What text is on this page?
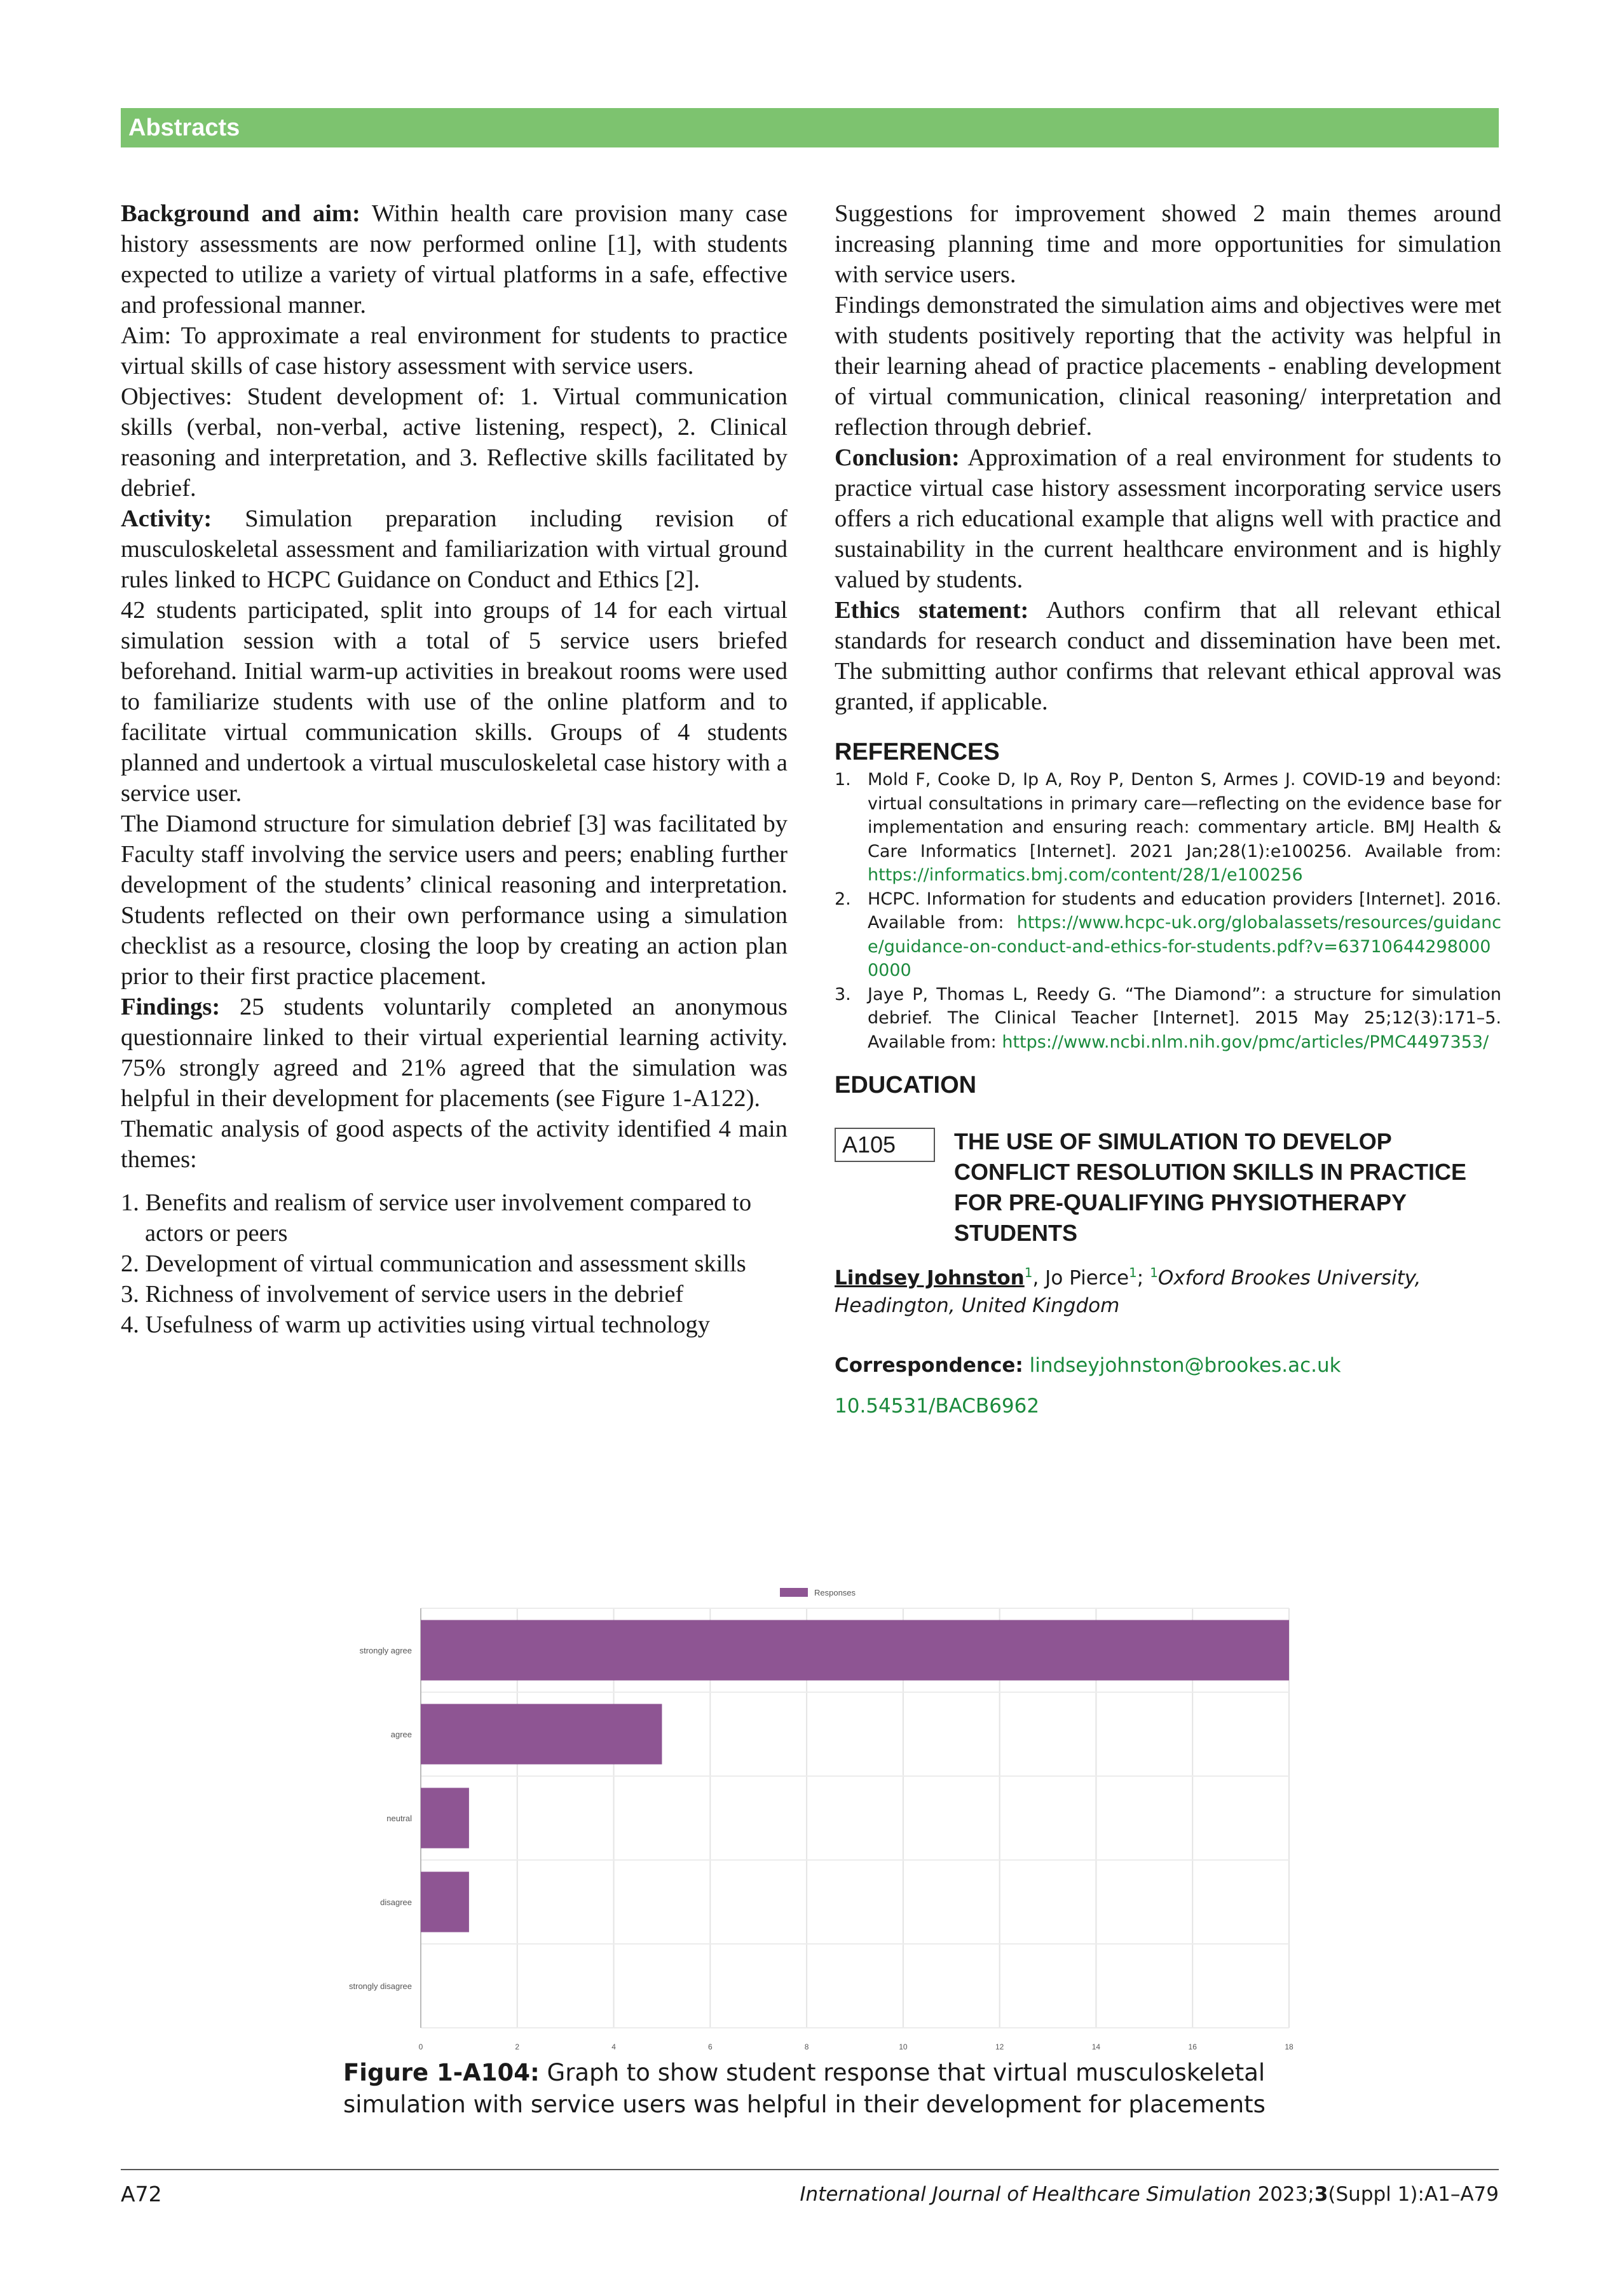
Abstracts

Background and aim: Within health care provision many case history assessments are now performed online [1], with students expected to utilize a variety of virtual platforms in a safe, effective and professional manner.

Aim: To approximate a real environment for students to practice virtual skills of case history assessment with service users.

Objectives: Student development of: 1. Virtual communication skills (verbal, non-verbal, active listening, respect), 2. Clinical reasoning and interpretation, and 3. Reflective skills facilitated by debrief.

Activity: Simulation preparation including revision of musculoskeletal assessment and familiarization with virtual ground rules linked to HCPC Guidance on Conduct and Ethics [2].

42 students participated, split into groups of 14 for each virtual simulation session with a total of 5 service users briefed beforehand. Initial warm-up activities in breakout rooms were used to familiarize students with use of the online platform and to facilitate virtual communication skills. Groups of 4 students planned and undertook a virtual musculoskeletal case history with a service user.

The Diamond structure for simulation debrief [3] was facilitated by Faculty staff involving the service users and peers; enabling further development of the students’ clinical reasoning and interpretation. Students reflected on their own performance using a simulation checklist as a resource, closing the loop by creating an action plan prior to their first practice placement.

Findings: 25 students voluntarily completed an anonymous questionnaire linked to their virtual experiential learning activity. 75% strongly agreed and 21% agreed that the simulation was helpful in their development for placements (see Figure 1-A122).

Thematic analysis of good aspects of the activity identified 4 main themes:

1. Benefits and realism of service user involvement compared to actors or peers

2. Development of virtual communication and assessment skills

3. Richness of involvement of service users in the debrief

4. Usefulness of warm up activities using virtual technology

Suggestions for improvement showed 2 main themes around increasing planning time and more opportunities for simulation with service users.

Findings demonstrated the simulation aims and objectives were met with students positively reporting that the activity was helpful in their learning ahead of practice placements - enabling development of virtual communication, clinical reasoning/ interpretation and reflection through debrief.

Conclusion: Approximation of a real environment for students to practice virtual case history assessment incorporating service users offers a rich educational example that aligns well with practice and sustainability in the current healthcare environment and is highly valued by students.

Ethics statement: Authors confirm that all relevant ethical standards for research conduct and dissemination have been met. The submitting author confirms that relevant ethical approval was granted, if applicable.

REFERENCES
1. Mold F, Cooke D, Ip A, Roy P, Denton S, Armes J. COVID-19 and beyond: virtual consultations in primary care—reflecting on the evidence base for implementation and ensuring reach: commentary article. BMJ Health & Care Informatics [Internet]. 2021 Jan;28(1):e100256. Available from: https://informatics.bmj.com/content/28/1/e100256
2. HCPC. Information for students and education providers [Internet]. 2016. Available from: https://www.hcpc-uk.org/globalassets/resources/guidance/guidance-on-conduct-and-ethics-for-students.pdf?v=637106442980000000
3. Jaye P, Thomas L, Reedy G. “The Diamond”: a structure for simulation debrief. The Clinical Teacher [Internet]. 2015 May 25;12(3):171–5. Available from: https://www.ncbi.nlm.nih.gov/pmc/articles/PMC4497353/
EDUCATION
A105	THE USE OF SIMULATION TO DEVELOP CONFLICT RESOLUTION SKILLS IN PRACTICE FOR PRE-QUALIFYING PHYSIOTHERAPY STUDENTS
Lindsey Johnston$^1$, Jo Pierce$^1$; $^1$Oxford Brookes University, Headington, United Kingdom
Correspondence: lindseyjohnston@brookes.ac.uk
10.54531/BACB6962
0	2	4	6	8	10	12	14	16	18
strongly agree
agree
neutral
disagree
strongly disagree
Responses
Figure 1-A104: Graph to show student response that virtual musculoskeletal simulation with service users was helpful in their development for placements
A72	International Journal of Healthcare Simulation 2023;3(Suppl 1):A1–A79
